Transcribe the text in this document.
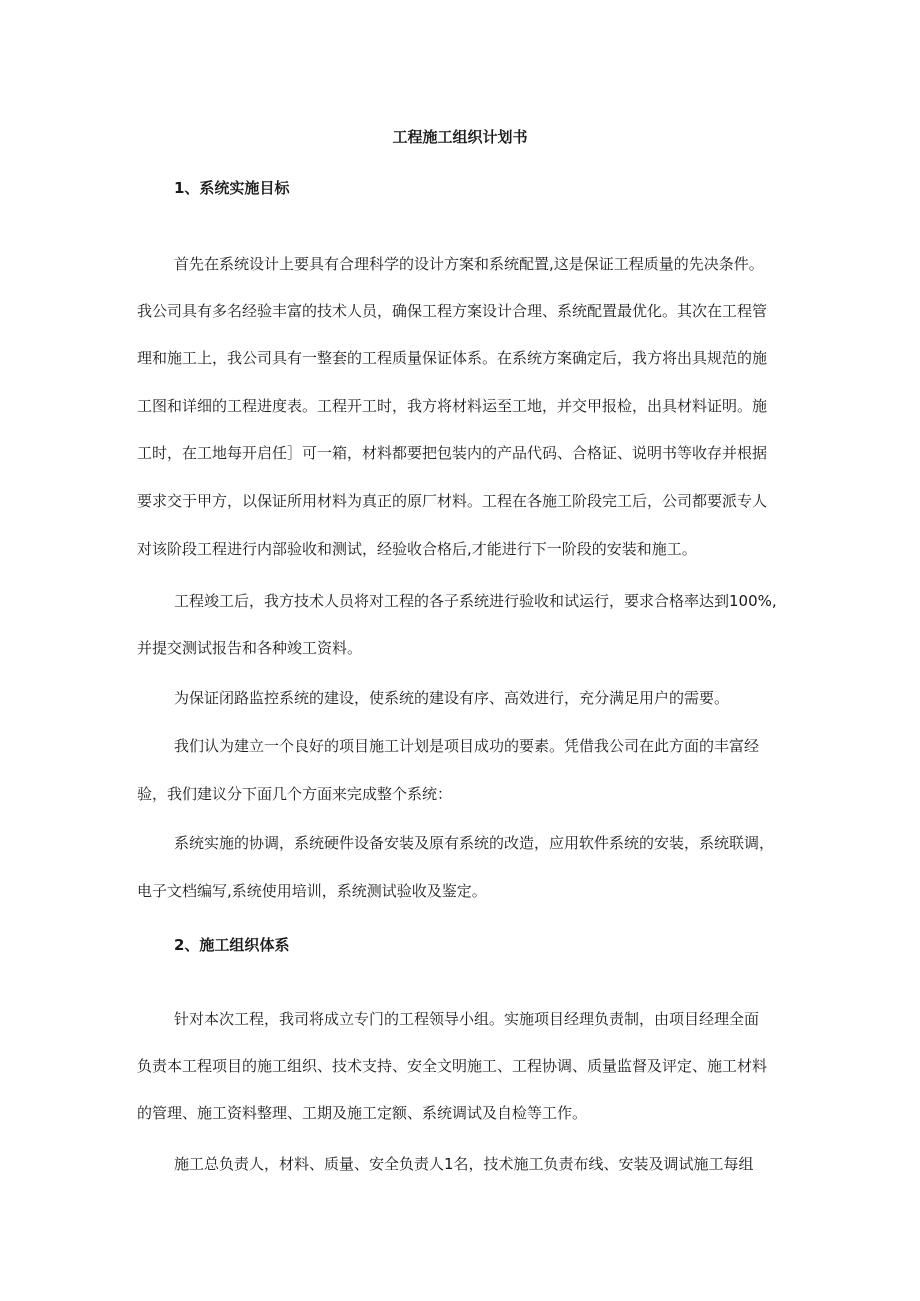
工程施工组织计划书
1、系统实施目标

首先在系统设计上要具有合理科学的设计方案和系统配置,这是保证工程质量的先决条件。

我公司具有多名经验丰富的技术人员，确保工程方案设计合理、系统配置最优化。其次在工程管

理和施工上，我公司具有一整套的工程质量保证体系。在系统方案确定后，我方将出具规范的施

工图和详细的工程进度表。工程开工时，我方将材料运至工地，并交甲报检，出具材料证明。施

工时，在工地每开启任］可一箱，材料都要把包装内的产品代码、合格证、说明书等收存并根据

要求交于甲方，以保证所用材料为真正的原厂材料。工程在各施工阶段完工后，公司都要派专人

对该阶段工程进行内部验收和测试，经验收合格后,才能进行下一阶段的安装和施工。

工程竣工后，我方技术人员将对工程的各子系统进行验收和试运行，要求合格率达到100%,

并提交测试报告和各种竣工资料。

为保证闭路监控系统的建设，使系统的建设有序、高效进行，充分满足用户的需要。

我们认为建立一个良好的项目施工计划是项目成功的要素。凭借我公司在此方面的丰富经

验，我们建议分下面几个方面来完成整个系统：

系统实施的协调，系统硬件设备安装及原有系统的改造，应用软件系统的安装，系统联调，

电子文档编写,系统使用培训，系统测试验收及鉴定。

2、施工组织体系

针对本次工程，我司将成立专门的工程领导小组。实施项目经理负责制，由项目经理全面

负责本工程项目的施工组织、技术支持、安全文明施工、工程协调、质量监督及评定、施工材料

的管理、施工资料整理、工期及施工定额、系统调试及自检等工作。

施工总负责人，材料、质量、安全负责人1名，技术施工负责布线、安装及调试施工每组
